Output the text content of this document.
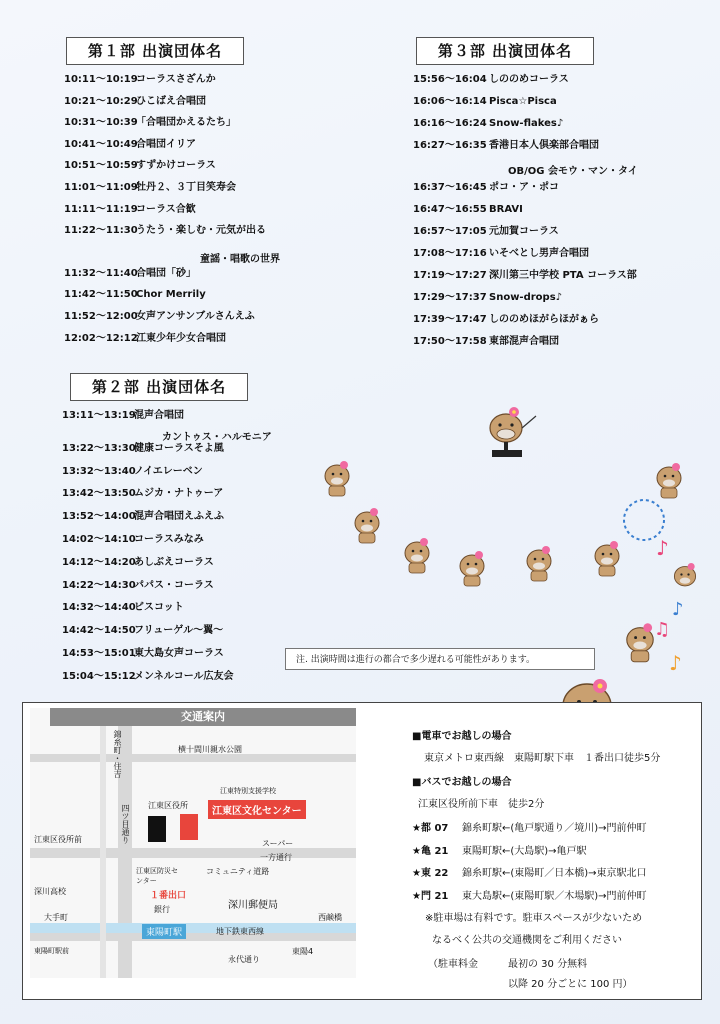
第１部 出演団体名
10:11～10:19コーラスさざんか
10:21～10:29ひこばえ合唱団
10:31～10:39「合唱団かえるたち」
10:41～10:49合唱団イリア
10:51～10:59すずかけコーラス
11:01～11:09牡丹２、３丁目笑寿会
11:11～11:19コーラス合歓
11:22～11:30うたう・楽しむ・元気が出る
11:32～11:40合唱団「砂」
11:42～11:50Chor Merrily
11:52～12:00女声アンサンブルさんえふ
12:02～12:12江東少年少女合唱団
童謡・唱歌の世界
第２部 出演団体名
13:11～13:19混声合唱団
13:22～13:30健康コーラスそよ風
13:32～13:40ノイエレーベン
13:42～13:50ムジカ・ナトゥーア
13:52～14:00混声合唱団えふえふ
14:02～14:10コーラスみなみ
14:12～14:20あしぶえコーラス
14:22～14:30パパス・コーラス
14:32～14:40ビスコット
14:42～14:50フリューゲル～翼～
14:53～15:01東大島女声コーラス
15:04～15:12メンネルコール広友会
カントゥス・ハルモニア
第３部 出演団体名
15:56～16:04 しののめコーラス
16:06～16:14 Pisca☆Pisca
16:16～16:24 Snow-flakes♪
16:27～16:35 香港日本人倶楽部合唱団
16:37～16:45 ポコ・ア・ポコ
16:47～16:55 BRAVI
16:57～17:05 元加賀コーラス
17:08～17:16 いそべとし男声合唱団
17:19～17:27 深川第三中学校 PTA コーラス部
17:29～17:37 Snow-drops♪
17:39～17:47 しののめほがらほがぁら
17:50～17:58 東部混声合唱団
OB/OG 会モウ・マン・タイ
♪
♪
♫
♪
注. 出演時間は進行の都合で多少遅れる可能性があります。
交通案内
江東区文化センター
東陽町駅
１番出口
錦糸町・住吉	横十間川親水公園
四ツ目通り 江東区役所
江東特別支援学校
江東区役所前	スーパー
一方通行
コミュニティ道路
江東区防災センター
深川高校
深川郵便局
銀行
西鹸橋
大手町
地下鉄東西線
東陽町駅前
永代通り
東陽4
■電車でお越しの場合
東京メトロ東西線　東陽町駅下車　１番出口徒歩5分
■バスでお越しの場合
江東区役所前下車　徒歩2分
★都 07 錦糸町駅←(亀戸駅通り／境川)→門前仲町
★亀 21 東陽町駅←(大島駅)→亀戸駅
★東 22 錦糸町駅←(東陽町／日本橋)→東京駅北口
★門 21 東大島駅←(東陽町駅／木場駅)→門前仲町
※駐車場は有料です。駐車スペースが少ないため
なるべく公共の交通機関をご利用ください
（駐車料金	最初の 30 分無料
以降 20 分ごとに 100 円）
